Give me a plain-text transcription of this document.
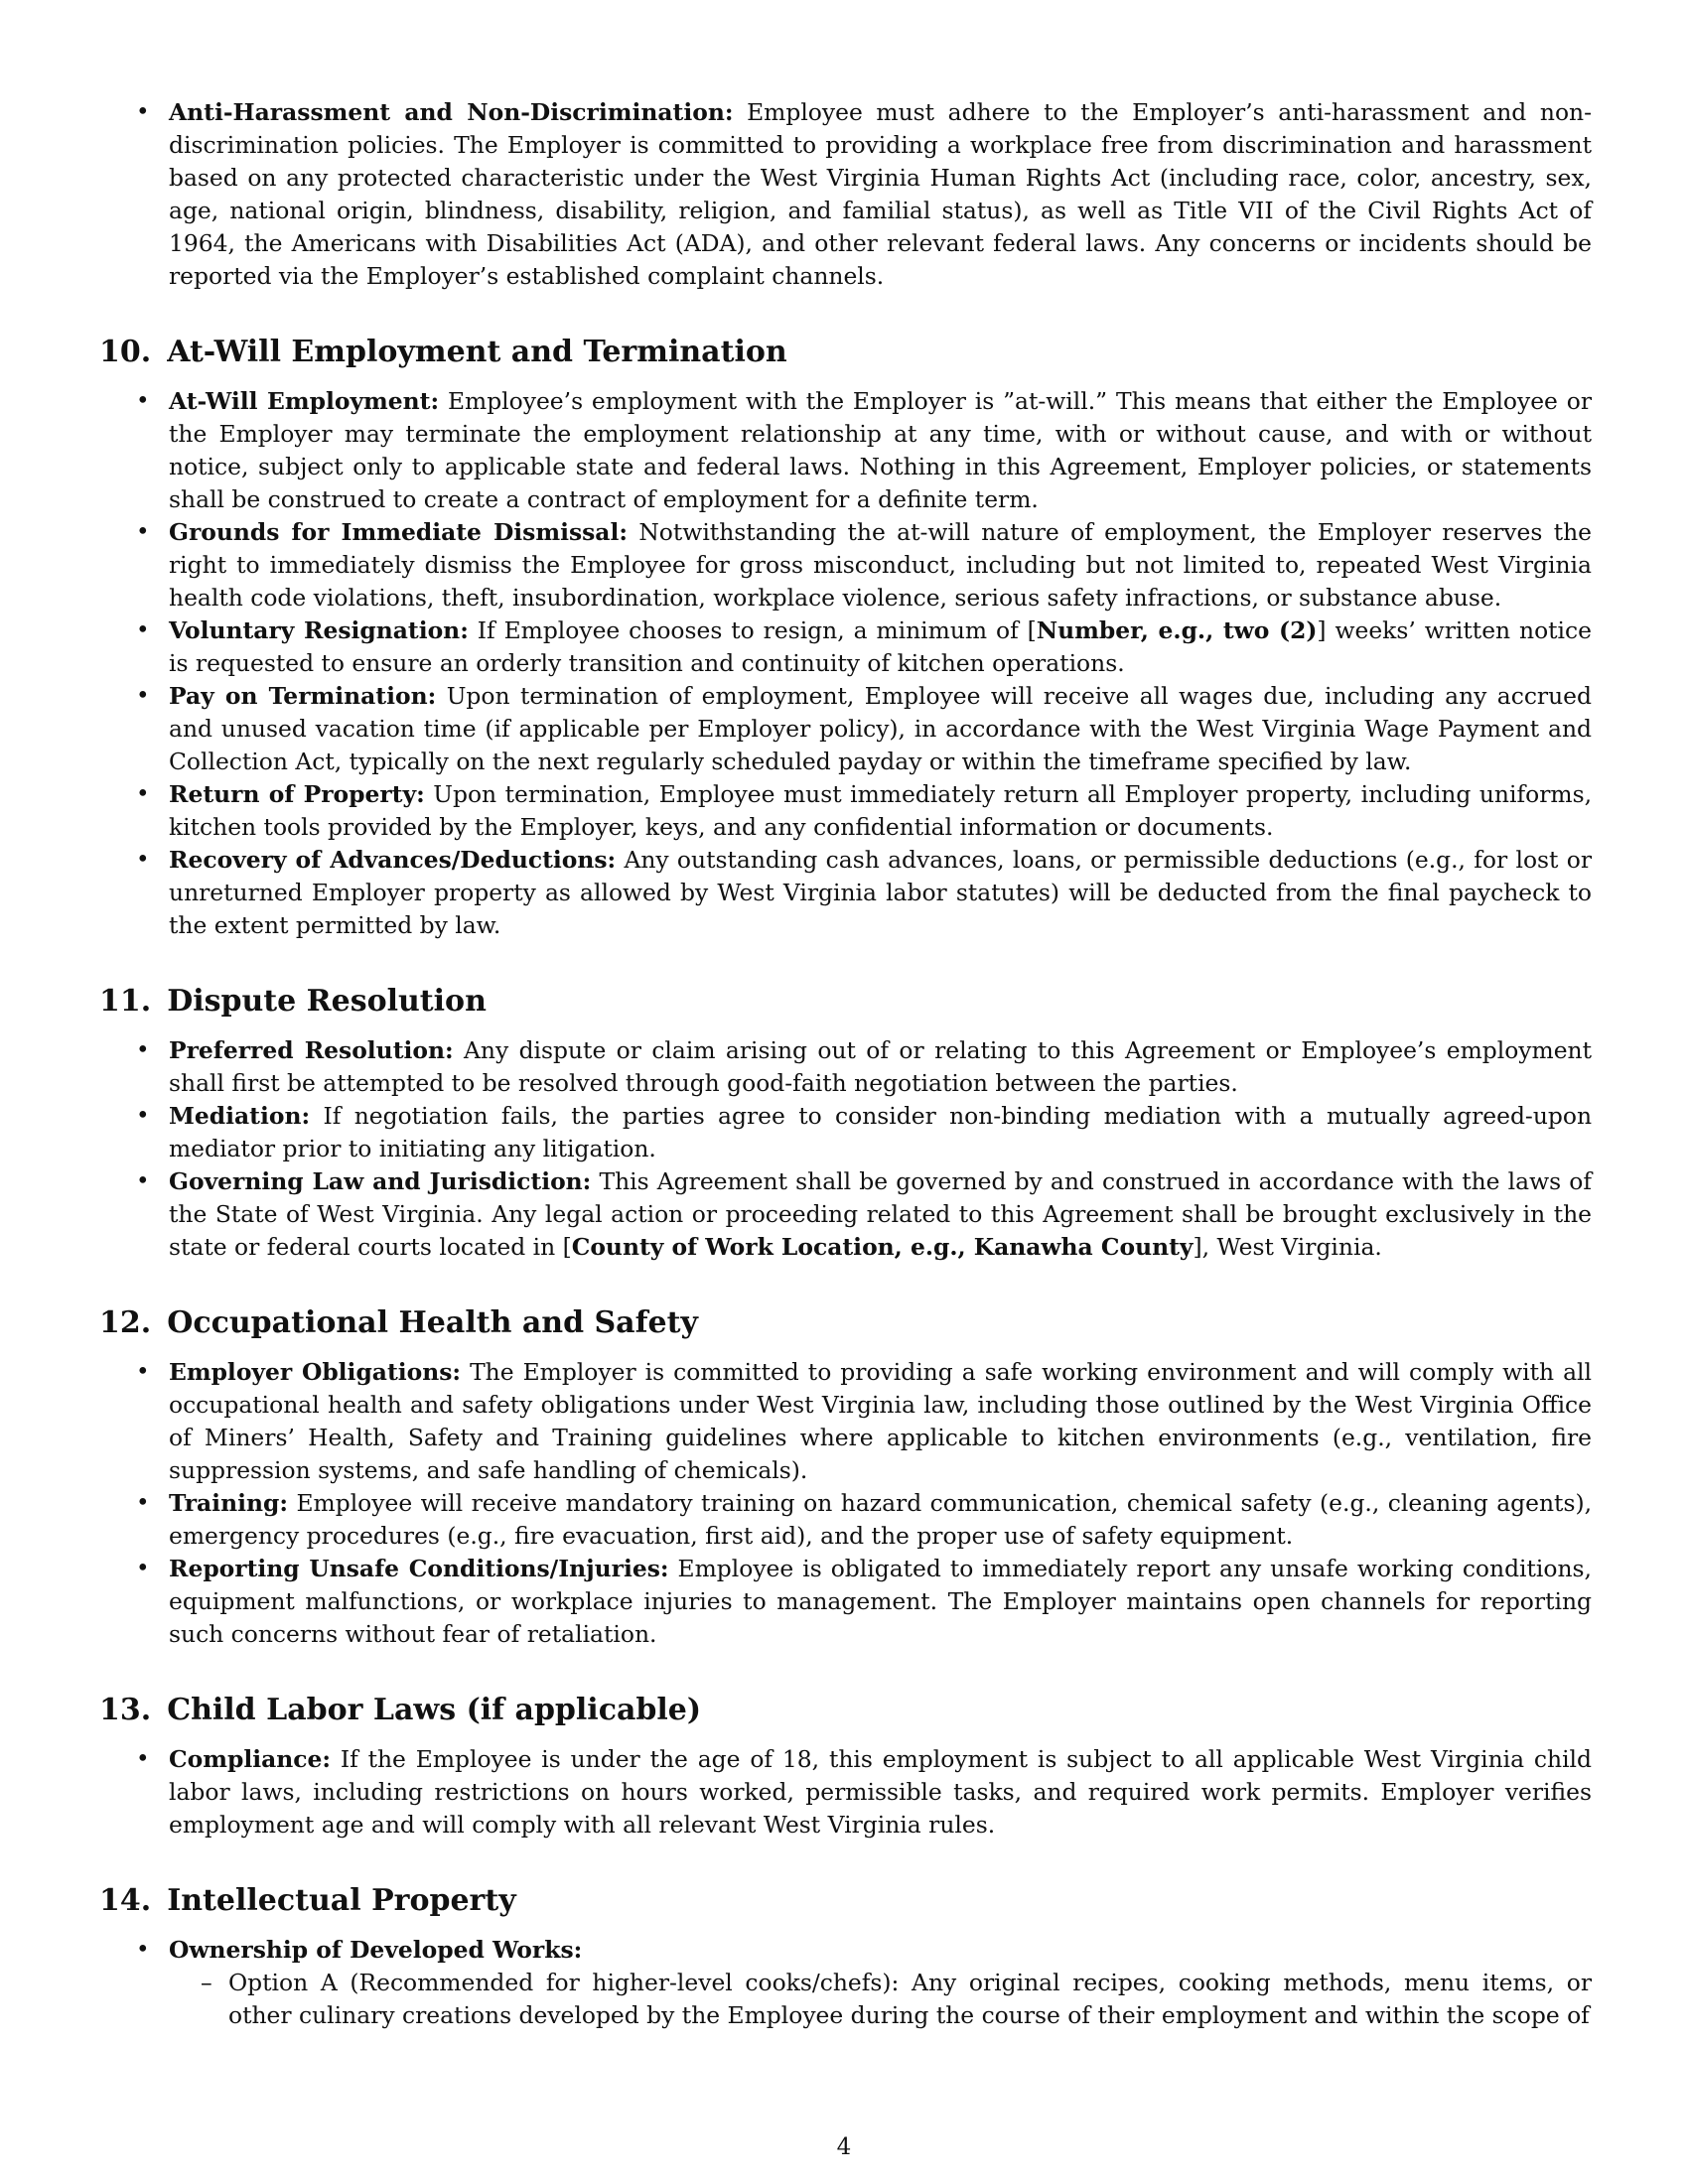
• Anti-Harassment and Non-Discrimination: Employee must adhere to the Employer’s anti-harassment and non-discrimination policies. The Employer is committed to providing a workplace free from discrimination and harassment based on any protected characteristic under the West Virginia Human Rights Act (including race, color, ancestry, sex, age, national origin, blindness, disability, religion, and familial status), as well as Title VII of the Civil Rights Act of 1964, the Americans with Disabilities Act (ADA), and other relevant federal laws. Any concerns or incidents should be reported via the Employer’s established complaint channels.
10. At-Will Employment and Termination
• At-Will Employment: Employee’s employment with the Employer is ”at-will.” This means that either the Employee or the Employer may terminate the employment relationship at any time, with or without cause, and with or without notice, subject only to applicable state and federal laws. Nothing in this Agreement, Employer policies, or statements shall be construed to create a contract of employment for a definite term.
• Grounds for Immediate Dismissal: Notwithstanding the at-will nature of employment, the Employer reserves the right to immediately dismiss the Employee for gross misconduct, including but not limited to, repeated West Virginia health code violations, theft, insubordination, workplace violence, serious safety infractions, or substance abuse.
• Voluntary Resignation: If Employee chooses to resign, a minimum of [Number, e.g., two (2)] weeks’ written notice is requested to ensure an orderly transition and continuity of kitchen operations.
• Pay on Termination: Upon termination of employment, Employee will receive all wages due, including any accrued and unused vacation time (if applicable per Employer policy), in accordance with the West Virginia Wage Payment and Collection Act, typically on the next regularly scheduled payday or within the timeframe specified by law.
• Return of Property: Upon termination, Employee must immediately return all Employer property, including uniforms, kitchen tools provided by the Employer, keys, and any confidential information or documents.
• Recovery of Advances/Deductions: Any outstanding cash advances, loans, or permissible deductions (e.g., for lost or unreturned Employer property as allowed by West Virginia labor statutes) will be deducted from the final paycheck to the extent permitted by law.
11. Dispute Resolution
• Preferred Resolution: Any dispute or claim arising out of or relating to this Agreement or Employee’s employment shall first be attempted to be resolved through good-faith negotiation between the parties.
• Mediation: If negotiation fails, the parties agree to consider non-binding mediation with a mutually agreed-upon mediator prior to initiating any litigation.
• Governing Law and Jurisdiction: This Agreement shall be governed by and construed in accordance with the laws of the State of West Virginia. Any legal action or proceeding related to this Agreement shall be brought exclusively in the state or federal courts located in [County of Work Location, e.g., Kanawha County], West Virginia.
12. Occupational Health and Safety
• Employer Obligations: The Employer is committed to providing a safe working environment and will comply with all occupational health and safety obligations under West Virginia law, including those outlined by the West Virginia Office of Miners’ Health, Safety and Training guidelines where applicable to kitchen environments (e.g., ventilation, fire suppression systems, and safe handling of chemicals).
• Training: Employee will receive mandatory training on hazard communication, chemical safety (e.g., cleaning agents), emergency procedures (e.g., fire evacuation, first aid), and the proper use of safety equipment.
• Reporting Unsafe Conditions/Injuries: Employee is obligated to immediately report any unsafe working conditions, equipment malfunctions, or workplace injuries to management. The Employer maintains open channels for reporting such concerns without fear of retaliation.
13. Child Labor Laws (if applicable)
• Compliance: If the Employee is under the age of 18, this employment is subject to all applicable West Virginia child labor laws, including restrictions on hours worked, permissible tasks, and required work permits. Employer verifies employment age and will comply with all relevant West Virginia rules.
14. Intellectual Property
• Ownership of Developed Works:
– Option A (Recommended for higher-level cooks/chefs): Any original recipes, cooking methods, menu items, or other culinary creations developed by the Employee during the course of their employment and within the scope of
4
